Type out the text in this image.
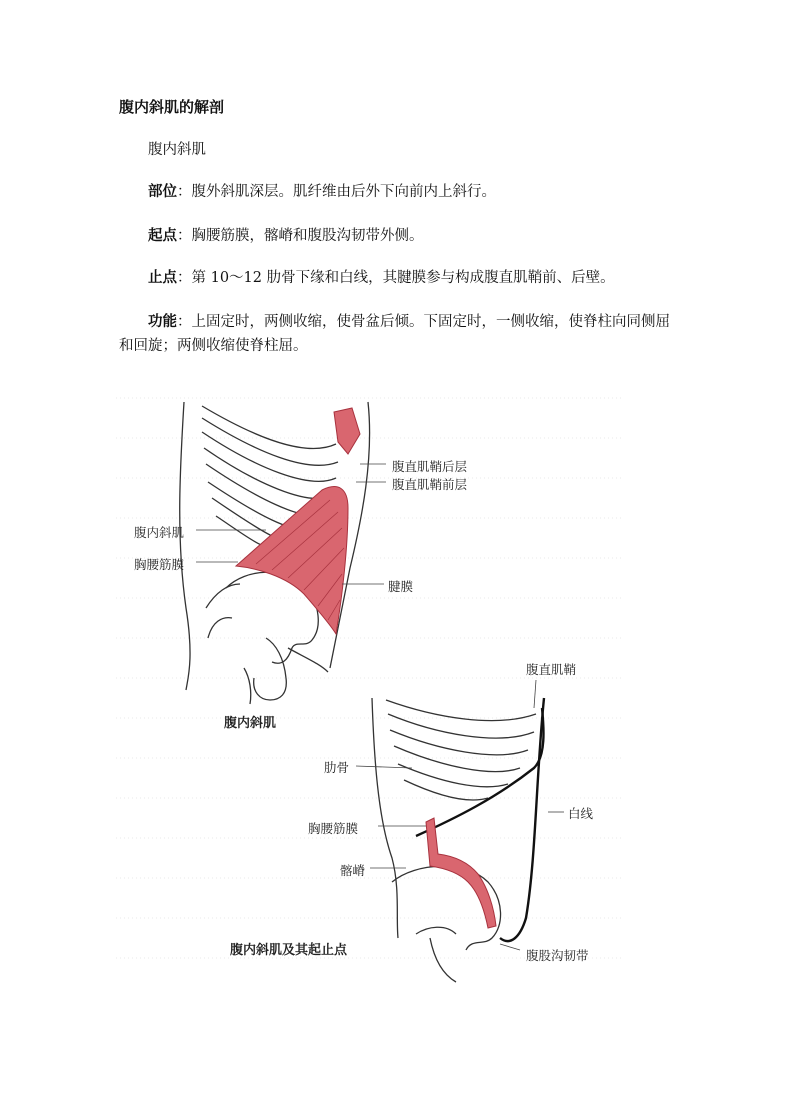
腹内斜肌的解剖
腹内斜肌
部位：腹外斜肌深层。肌纤维由后外下向前内上斜行。
起点：胸腰筋膜，髂嵴和腹股沟韧带外侧。
止点：第 10～12 肋骨下缘和白线，其腱膜参与构成腹直肌鞘前、后壁。
功能：上固定时，两侧收缩，使骨盆后倾。下固定时，一侧收缩，使脊柱向同侧屈和回旋；两侧收缩使脊柱屈。
腹直肌鞘后层
腹直肌鞘前层
腹内斜肌
胸腰筋膜
腱膜
腹内斜肌
腹直肌鞘
肋骨
白线
胸腰筋膜
髂嵴
腹内斜肌及其起止点	腹股沟韧带
